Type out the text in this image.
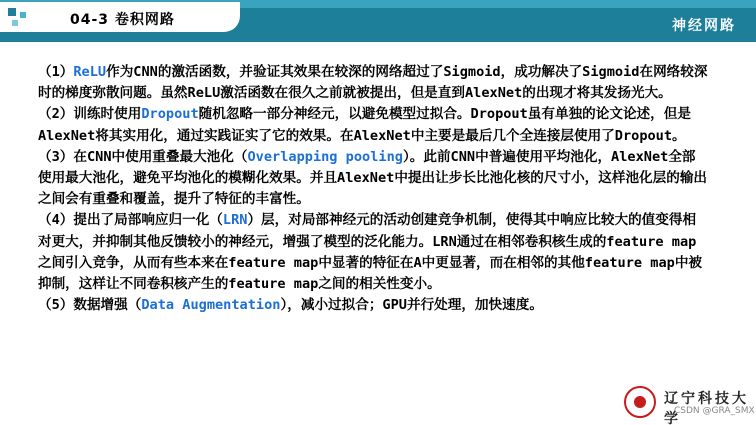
04-3 卷积网路	神经网路

（1）ReLU作为CNN的激活函数，并验证其效果在较深的网络超过了Sigmoid，成功解决了Sigmoid在网络较深时的梯度弥散问题。虽然ReLU激活函数在很久之前就被提出，但是直到AlexNet的出现才将其发扬光大。

（2）训练时使用Dropout随机忽略一部分神经元，以避免模型过拟合。Dropout虽有单独的论文论述，但是AlexNet将其实用化，通过实践证实了它的效果。在AlexNet中主要是最后几个全连接层使用了Dropout。

（3）在CNN中使用重叠最大池化（Overlapping pooling）。此前CNN中普遍使用平均池化，AlexNet全部使用最大池化，避免平均池化的模糊化效果。并且AlexNet中提出让步长比池化核的尺寸小，这样池化层的输出之间会有重叠和覆盖，提升了特征的丰富性。

（4）提出了局部响应归一化（LRN）层，对局部神经元的活动创建竞争机制，使得其中响应比较大的值变得相对更大，并抑制其他反馈较小的神经元，增强了模型的泛化能力。LRN通过在相邻卷积核生成的feature map之间引入竞争，从而有些本来在feature map中显著的特征在A中更显著，而在相邻的其他feature map中被抑制，这样让不同卷积核产生的feature map之间的相关性变小。

（5）数据增强（Data Augmentation），减小过拟合；GPU并行处理，加快速度。

辽宁科技大学
CSDN @GRA_SMX
